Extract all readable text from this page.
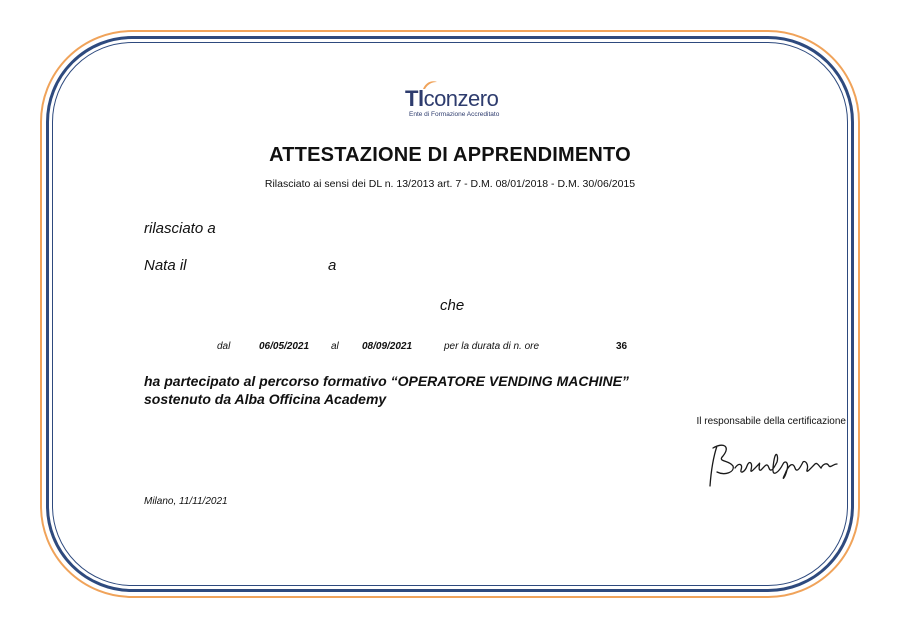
Tlconzero
Ente di Formazione Accreditato
ATTESTAZIONE DI APPRENDIMENTO
Rilasciato ai sensi dei DL n. 13/2013 art. 7 - D.M. 08/01/2018 - D.M. 30/06/2015
rilasciato a
Nata il	a
che
dal	06/05/2021 al 08/09/2021	per la durata di n. ore	36
ha partecipato al percorso formativo “OPERATORE VENDING MACHINE”
sostenuto da Alba Officina Academy
Il responsabile della certificazione
Milano, 11/11/2021
